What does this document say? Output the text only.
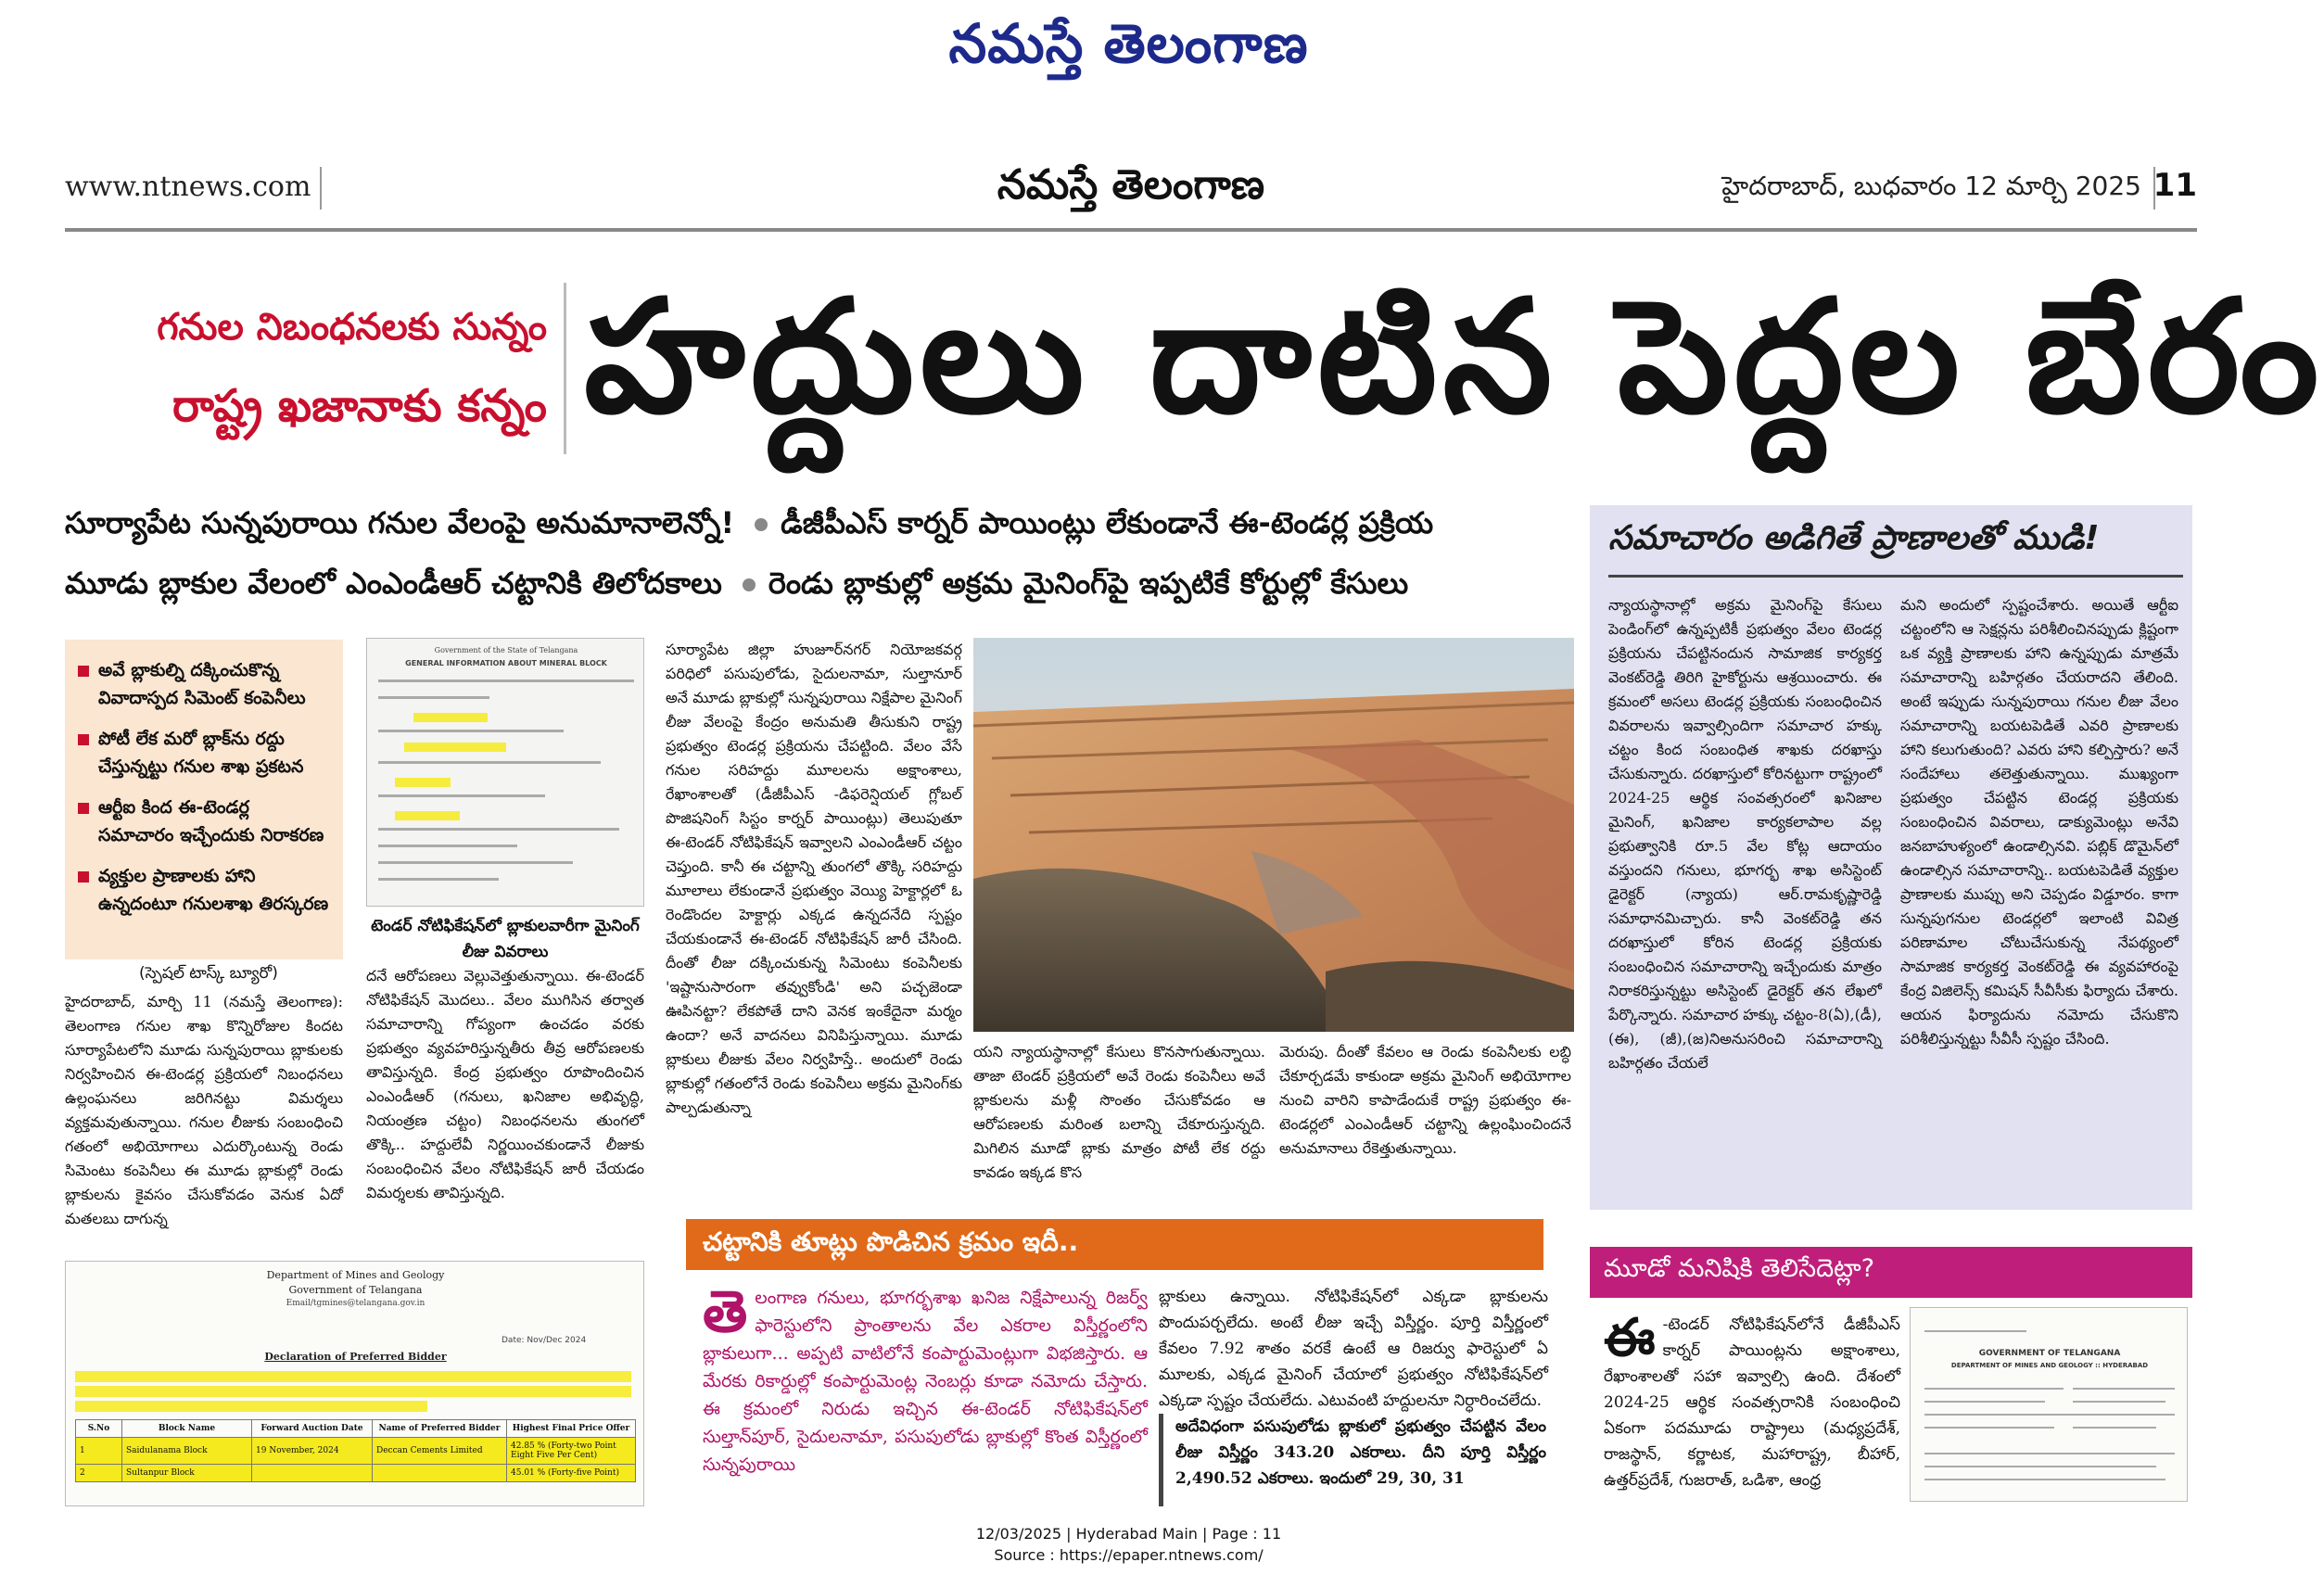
నమస్తే తెలంగాణ
www.ntnews.com	నమస్తే తెలంగాణ	హైదరాబాద్‌, బుధవారం 12 మార్చి 2025 11
గనుల నిబంధనలకు సున్నం
రాష్ట్ర ఖజానాకు కన్నం హద్దులు దాటిన పెద్దల బేరం
సూర్యాపేట సున్నపురాయి గనుల వేలంపై అనుమానాలెన్నో! డీజీపీఎస్‌ కార్నర్‌ పాయింట్లు లేకుండానే ఈ-టెండర్ల ప్రక్రియ
మూడు బ్లాకుల వేలంలో ఎంఎండీఆర్‌ చట్టానికి తిలోదకాలు రెండు బ్లాకుల్లో అక్రమ మైనింగ్‌పై ఇప్పటికే కోర్టుల్లో కేసులు
అవే బ్లాకుల్ని దక్కించుకొన్న వివాదాస్పద సిమెంట్‌ కంపెనీలు
పోటీ లేక మరో బ్లాక్‌ను రద్దు చేస్తున్నట్టు గనుల శాఖ ప్రకటన
ఆర్టీఐ కింద ఈ-టెండర్ల సమాచారం ఇచ్చేందుకు నిరాకరణ
వ్యక్తుల ప్రాణాలకు హాని ఉన్నదంటూ గనులశాఖ తిరస్కరణ
Government of the State of Telangana
GENERAL INFORMATION ABOUT MINERAL BLOCK
టెండర్‌ నోటిఫికేషన్‌లో బ్లాకులవారీగా మైనింగ్‌ లీజు వివరాలు
(స్పెషల్‌ టాస్క్‌ బ్యూరో)
హైదరాబాద్‌, మార్చి 11 (నమస్తే తెలంగాణ): తెలంగాణ గనుల శాఖ కొన్నిరోజుల కిందట సూర్యాపేటలోని మూడు సున్నపురాయి బ్లాకులకు నిర్వహించిన ఈ-టెండర్ల ప్రక్రియలో నిబంధనలు ఉల్లంఘనలు జరిగినట్టు విమర్శలు వ్యక్తమవుతున్నాయి. గనుల లీజుకు సంబంధించి గతంలో అభియోగాలు ఎదుర్కొంటున్న రెండు సిమెంటు కంపెనీలు ఈ మూడు బ్లాకుల్లో రెండు బ్లాకులను కైవసం చేసుకోవడం వెనుక ఏదో మతలబు దాగున్న
దనే ఆరోపణలు వెల్లువెత్తుతున్నాయి. ఈ-టెండర్‌ నోటిఫికేషన్‌ మొదలు.. వేలం ముగిసిన తర్వాత సమాచారాన్ని గోప్యంగా ఉంచడం వరకు ప్రభుత్వం వ్యవహరిస్తున్నతీరు తీవ్ర ఆరోపణలకు తావిస్తున్నది. కేంద్ర ప్రభుత్వం రూపొందించిన ఎంఎండీఆర్‌ (గనులు, ఖనిజాల అభివృద్ధి, నియంత్రణ చట్టం) నిబంధనలను తుంగలో తొక్కి.. హద్దులేవీ నిర్ణయించకుండానే లీజుకు సంబంధించిన వేలం నోటిఫికేషన్‌ జారీ చేయడం విమర్శలకు తావిస్తున్నది.
సూర్యాపేట జిల్లా హుజూర్‌నగర్‌ నియోజకవర్గ పరిధిలో పసుపులోడు, సైదులనామా, సుల్తానూర్‌ అనే మూడు బ్లాకుల్లో సున్నపురాయి నిక్షేపాల మైనింగ్‌ లీజు వేలంపై కేంద్రం అనుమతి తీసుకుని రాష్ట్ర ప్రభుత్వం టెండర్ల ప్రక్రియను చేపట్టింది. వేలం వేసే గనుల సరిహద్దు మూలలను అక్షాంశాలు, రేఖాంశాలతో (డీజీపీఎస్‌ -డిఫరెన్షియల్‌ గ్లోబల్‌ పొజిషనింగ్‌ సిస్టం కార్నర్‌ పాయింట్లు) తెలుపుతూ ఈ-టెండర్‌ నోటిఫికేషన్‌ ఇవ్వాలని ఎంఎండీఆర్‌ చట్టం చెప్తుంది. కానీ ఈ చట్టాన్ని తుంగలో తొక్కి సరిహద్దు మూలాలు లేకుండానే ప్రభుత్వం వెయ్యి హెక్టార్లలో ఓ రెండొందల హెక్టార్లు ఎక్కడ ఉన్నదనేది స్పష్టం చేయకుండానే ఈ-టెండర్‌ నోటిఫికేషన్‌ జారీ చేసింది. దీంతో లీజు దక్కించుకున్న సిమెంటు కంపెనీలకు 'ఇష్టానుసారంగా తవ్వుకోండి' అని పచ్చజెండా ఊపినట్టా? లేకపోతే దాని వెనక ఇంకేదైనా మర్మం ఉందా? అనే వాదనలు వినిపిస్తున్నాయి. మూడు బ్లాకులు లీజుకు వేలం నిర్వహిస్తే.. అందులో రెండు బ్లాకుల్లో గతంలోనే రెండు కంపెనీలు అక్రమ మైనింగ్‌కు పాల్పడుతున్నా
యని న్యాయస్థానాల్లో కేసులు కొనసాగుతున్నాయి. తాజా టెండర్‌ ప్రక్రియలో అవే రెండు కంపెనీలు అవే బ్లాకులను మళ్లీ సొంతం చేసుకోవడం ఆ ఆరోపణలకు మరింత బలాన్ని చేకూరుస్తున్నది. మిగిలిన మూడో బ్లాకు మాత్రం పోటీ లేక రద్దు కావడం ఇక్కడ కొస
మెరుపు. దీంతో కేవలం ఆ రెండు కంపెనీలకు లబ్ధి చేకూర్చడమే కాకుండా అక్రమ మైనింగ్‌ అభియోగాల నుంచి వారిని కాపాడేందుకే రాష్ట్ర ప్రభుత్వం ఈ-టెండర్లలో ఎంఎండీఆర్‌ చట్టాన్ని ఉల్లంఘించిందనే అనుమానాలు రేకెత్తుతున్నాయి.
సమాచారం అడిగితే ప్రాణాలతో ముడి!
న్యాయస్థానాల్లో అక్రమ మైనింగ్‌పై కేసులు పెండింగ్‌లో ఉన్నప్పటికీ ప్రభుత్వం వేలం టెండర్ల ప్రక్రియను చేపట్టినందున సామాజిక కార్యకర్త వెంకట్‌రెడ్డి తిరిగి హైకోర్టును ఆశ్రయించారు. ఈ క్రమంలో అసలు టెండర్ల ప్రక్రియకు సంబంధించిన వివరాలను ఇవ్వాల్సిందిగా సమాచార హక్కు చట్టం కింద సంబంధిత శాఖకు దరఖాస్తు చేసుకున్నారు. దరఖాస్తులో కోరినట్టుగా రాష్ట్రంలో 2024-25 ఆర్థిక సంవత్సరంలో ఖనిజాల మైనింగ్‌, ఖనిజాల కార్యకలాపాల వల్ల ప్రభుత్వానికి రూ.5 వేల కోట్ల ఆదాయం వస్తుందని గనులు, భూగర్భ శాఖ అసిస్టెంట్‌ డైరెక్టర్‌ (న్యాయ) ఆర్‌.రామకృష్ణారెడ్డి సమాధానమిచ్చారు. కానీ వెంకట్‌రెడ్డి తన దరఖాస్తులో కోరిన టెండర్ల ప్రక్రియకు సంబంధించిన సమాచారాన్ని ఇచ్చేందుకు మాత్రం నిరాకరిస్తున్నట్టు అసిస్టెంట్‌ డైరెక్టర్‌ తన లేఖలో పేర్కొన్నారు. సమాచార హక్కు చట్టం-8(ఏ),(డీ),(ఈ), (జీ),(జ)నిఅనుసరించి సమాచారాన్ని బహిర్గతం చేయలే
మని అందులో స్పష్టంచేశారు. అయితే ఆర్టీఐ చట్టంలోని ఆ సెక్షన్లను పరిశీలించినప్పుడు క్లిష్టంగా ఒక వ్యక్తి ప్రాణాలకు హాని ఉన్నప్పుడు మాత్రమే సమాచారాన్ని బహిర్గతం చేయరాదని తేలింది. అంటే ఇప్పుడు సున్నపురాయి గనుల లీజు వేలం సమాచారాన్ని బయటపెడితే ఎవరి ప్రాణాలకు హాని కలుగుతుంది? ఎవరు హాని కల్పిస్తారు? అనే సందేహాలు తలెత్తుతున్నాయి. ముఖ్యంగా ప్రభుత్వం చేపట్టిన టెండర్ల ప్రక్రియకు సంబంధించిన వివరాలు, డాక్యుమెంట్లు అనేవి జనబాహుళ్యంలో ఉండాల్సినవి. పబ్లిక్‌ డొమైన్‌లో ఉండాల్సిన సమాచారాన్ని.. బయటపెడితే వ్యక్తుల ప్రాణాలకు ముప్పు అని చెప్పడం విడ్డూరం. కాగా సున్నపుగనుల టెండర్లలో ఇలాంటి వివిత్ర పరిణామాల చోటుచేసుకున్న నేపథ్యంలో సామాజిక కార్యకర్త వెంకట్‌రెడ్డి ఈ వ్యవహారంపై కేంద్ర విజిలెన్స్‌ కమిషన్‌ సీవీసీకు ఫిర్యాదు చేశారు. ఆయన ఫిర్యాదును నమోదు చేసుకొని పరిశీలిస్తున్నట్టు సీవీసీ స్పష్టం చేసింది.
Department of Mines and Geology
Government of Telangana
Email/tgmines@telangana.gov.in
Date: Nov/Dec 2024
Declaration of Preferred Bidder
S.No	Block Name	Forward Auction Date	Name of Preferred Bidder	Highest Final Price Offer
1	Saidulanama Block	19 November, 2024	Deccan Cements Limited	42.85 % (Forty-two Point Eight Five Per Cent)
2	Sultanpur Block			45.01 % (Forty-five Point)
చట్టానికి తూట్లు పొడిచిన క్రమం ఇదీ..
తెలంగాణ గనులు, భూగర్భశాఖ ఖనిజ నిక్షేపాలున్న రిజర్వ్‌ ఫారెస్టులోని ప్రాంతాలను వేల ఎకరాల విస్తీర్ణంలోని బ్లాకులుగా... అప్పటి వాటిలోనే కంపార్టుమెంట్లుగా విభజిస్తారు. ఆ మేరకు రికార్డుల్లో కంపార్టుమెంట్ల నెంబర్లు కూడా నమోదు చేస్తారు. ఈ క్రమంలో నిరుడు ఇచ్చిన ఈ-టెండర్‌ నోటిఫికేషన్‌లో సుల్తాన్‌పూర్‌, సైదులనామా, పసుపులోడు బ్లాకుల్లో కొంత విస్తీర్ణంలో సున్నపురాయి
బ్లాకులు ఉన్నాయి. నోటిఫికేషన్‌లో ఎక్కడా బ్లాకులను పొందుపర్చలేదు. అంటే లీజు ఇచ్చే విస్తీర్ణం. పూర్తి విస్తీర్ణంలో కేవలం 7.92 శాతం వరకే ఉంటే ఆ రిజర్వు ఫారెస్టులో ఏ మూలకు, ఎక్కడ మైనింగ్‌ చేయాలో ప్రభుత్వం నోటిఫికేషన్‌లో ఎక్కడా స్పష్టం చేయలేదు. ఎటువంటి హద్దులనూ నిర్ధారించలేదు.
అదేవిధంగా పసుపులోడు బ్లాకులో ప్రభుత్వం చేపట్టిన వేలం లీజు విస్తీర్ణం 343.20 ఎకరాలు. దీని పూర్తి విస్తీర్ణం 2,490.52 ఎకరాలు. ఇందులో 29, 30, 31
మూడో మనిషికి తెలిసేదెట్లా?
ఈ -టెండర్‌ నోటిఫికేషన్‌లోనే డీజీపీఎస్‌ కార్నర్‌ పాయింట్లను అక్షాంశాలు, రేఖాంశాలతో సహా ఇవ్వాల్సి ఉంది. దేశంలో 2024-25 ఆర్థిక సంవత్సరానికి సంబంధించి ఏకంగా పదమూడు రాష్ట్రాలు (మధ్యప్రదేశ్‌, రాజస్థాన్‌, కర్ణాటక, మహారాష్ట్ర, బీహార్‌, ఉత్తర్‌ప్రదేశ్‌, గుజరాత్‌, ఒడిశా, ఆంధ్ర
GOVERNMENT OF TELANGANA
DEPARTMENT OF MINES AND GEOLOGY :: HYDERABAD
12/03/2025 | Hyderabad Main | Page : 11
Source : https://epaper.ntnews.com/
